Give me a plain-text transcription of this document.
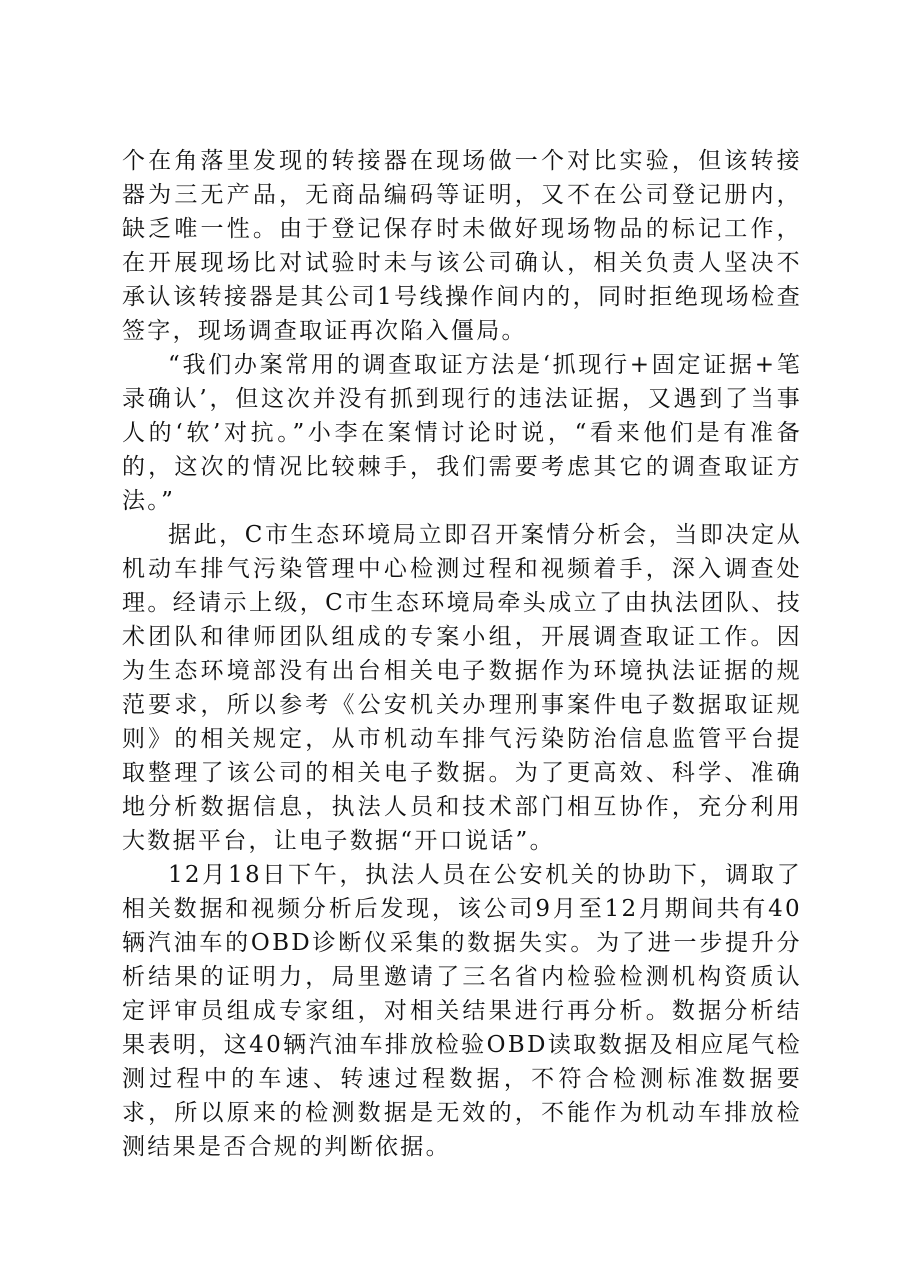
个在角落里发现的转接器在现场做一个对比实验，但该转接器为三无产品，无商品编码等证明，又不在公司登记册内，缺乏唯一性。由于登记保存时未做好现场物品的标记工作，在开展现场比对试验时未与该公司确认，相关负责人坚决不承认该转接器是其公司1号线操作间内的，同时拒绝现场检查签字，现场调查取证再次陷入僵局。

“我们办案常用的调查取证方法是‘抓现行+固定证据+笔录确认’，但这次并没有抓到现行的违法证据，又遇到了当事人的‘软’对抗。”小李在案情讨论时说，“看来他们是有准备的，这次的情况比较棘手，我们需要考虑其它的调查取证方法。”

据此，C市生态环境局立即召开案情分析会，当即决定从机动车排气污染管理中心检测过程和视频着手，深入调查处理。经请示上级，C市生态环境局牵头成立了由执法团队、技术团队和律师团队组成的专案小组，开展调查取证工作。因为生态环境部没有出台相关电子数据作为环境执法证据的规范要求，所以参考《公安机关办理刑事案件电子数据取证规则》的相关规定，从市机动车排气污染防治信息监管平台提取整理了该公司的相关电子数据。为了更高效、科学、准确地分析数据信息，执法人员和技术部门相互协作，充分利用大数据平台，让电子数据“开口说话”。

12月18日下午，执法人员在公安机关的协助下，调取了相关数据和视频分析后发现，该公司9月至12月期间共有40辆汽油车的OBD诊断仪采集的数据失实。为了进一步提升分析结果的证明力，局里邀请了三名省内检验检测机构资质认定评审员组成专家组，对相关结果进行再分析。数据分析结果表明，这40辆汽油车排放检验OBD读取数据及相应尾气检测过程中的车速、转速过程数据，不符合检测标准数据要求，所以原来的检测数据是无效的，不能作为机动车排放检测结果是否合规的判断依据。
